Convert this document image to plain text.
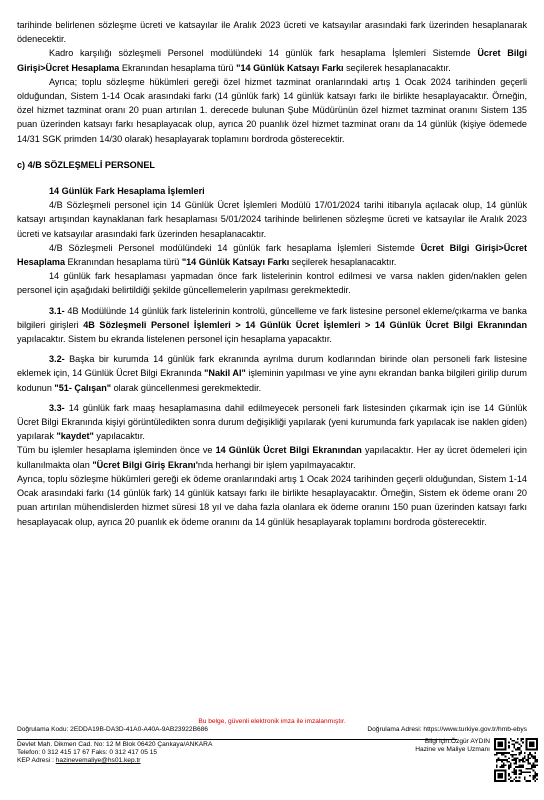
tarihinde belirlenen sözleşme ücreti ve katsayılar ile Aralık 2023 ücreti ve katsayılar arasındaki fark üzerinden hesaplanarak ödenecektir.

Kadro karşılığı sözleşmeli Personel modülündeki 14 günlük fark hesaplama İşlemleri Sistemde Ücret Bilgi Girişi>Ücret Hesaplama Ekranından hesaplama türü "14 Günlük Katsayı Farkı seçilerek hesaplanacaktır.

Ayrıca; toplu sözleşme hükümleri gereği özel hizmet tazminat oranlarındaki artış 1 Ocak 2024 tarihinden geçerli olduğundan, Sistem 1-14 Ocak arasındaki farkı (14 günlük fark) 14 günlük katsayı farkı ile birlikte hesaplayacaktır. Örneğin, özel hizmet tazminat oranı 20 puan artırılan 1. derecede bulunan Şube Müdürünün özel hizmet tazminat oranını Sistem 135 puan üzerinden katsayı farkı hesaplayacak olup, ayrıca 20 puanlık özel hizmet tazminat oranı da 14 günlük (kişiye ödemede 14/31 SGK primden 14/30 olarak) hesaplayarak toplamını bordroda gösterecektir.

c) 4/B SÖZLEŞMELİ PERSONEL

14 Günlük Fark Hesaplama İşlemleri

4/B Sözleşmeli personel için 14 Günlük Ücret İşlemleri Modülü 17/01/2024 tarihi itibarıyla açılacak olup, 14 günlük katsayı artışından kaynaklanan fark hesaplaması 5/01/2024 tarihinde belirlenen sözleşme ücreti ve katsayılar ile Aralık 2023 ücreti ve katsayılar arasındaki fark üzerinden hesaplanacaktır.

4/B Sözleşmeli Personel modülündeki 14 günlük fark hesaplama İşlemleri Sistemde Ücret Bilgi Girişi>Ücret Hesaplama Ekranından hesaplama türü "14 Günlük Katsayı Farkı seçilerek hesaplanacaktır.

14 günlük fark hesaplaması yapmadan önce fark listelerinin kontrol edilmesi ve varsa naklen giden/naklen gelen personel için aşağıdaki belirtildiği şekilde güncellemelerin yapılması gerekmektedir.

3.1- 4B Modülünde 14 günlük fark listelerinin kontrolü, güncelleme ve fark listesine personel ekleme/çıkarma ve banka bilgileri girişleri 4B Sözleşmeli Personel İşlemleri > 14 Günlük Ücret İşlemleri > 14 Günlük Ücret Bilgi Ekranından yapılacaktır. Sistem bu ekranda listelenen personel için hesaplama yapacaktır.

3.2- Başka bir kurumda 14 günlük fark ekranında ayrılma durum kodlarından birinde olan personeli fark listesine eklemek için, 14 Günlük Ücret Bilgi Ekranında "Nakil Al" işleminin yapılması ve yine aynı ekrandan banka bilgileri girilip durum kodunun "51- Çalışan" olarak güncellenmesi gerekmektedir.

3.3- 14 günlük fark maaş hesaplamasına dahil edilmeyecek personeli fark listesinden çıkarmak için ise 14 Günlük Ücret Bilgi Ekranında kişiyi görüntüledikten sonra durum değişikliği yapılarak (yeni kurumunda fark yapılacak ise naklen giden) yapılarak "kaydet" yapılacaktır.

Tüm bu işlemler hesaplama işleminden önce ve 14 Günlük Ücret Bilgi Ekranından yapılacaktır. Her ay ücret ödemeleri için kullanılmakta olan "Ücret Bilgi Giriş Ekranı'nda herhangi bir işlem yapılmayacaktır.

Ayrıca, toplu sözleşme hükümleri gereği ek ödeme oranlarındaki artış 1 Ocak 2024 tarihinden geçerli olduğundan, Sistem 1-14 Ocak arasındaki farkı (14 günlük fark) 14 günlük katsayı farkı ile birlikte hesaplayacaktır. Örneğin, Sistem ek ödeme oranı 20 puan artırılan mühendislerden hizmet süresi 18 yıl ve daha fazla olanlara ek ödeme oranını 150 puan üzerinden katsayı farkı hesaplayacak olup, ayrıca 20 puanlık ek ödeme oranını da 14 günlük hesaplayarak toplamını bordroda gösterecektir.

Bu belge, güvenli elektronik imza ile imzalanmıştır.
Doğrulama Kodu: 2EDDA19B-DA3D-41A0-A40A-9AB23922B686	Doğrulama Adresi: https://www.turkiye.gov.tr/hmb-ebys
Devlet Mah. Dikmen Cad. No: 12 M Blok 06420 Çankaya/ANKARA
Telefon: 0 312 415 17 67 Faks: 0 312 417 05 15
KEP Adresi : hazinevemaliye@hs01.kep.tr
Bilgi için:Özgür AYDIN
Hazine ve Maliye Uzmanı
